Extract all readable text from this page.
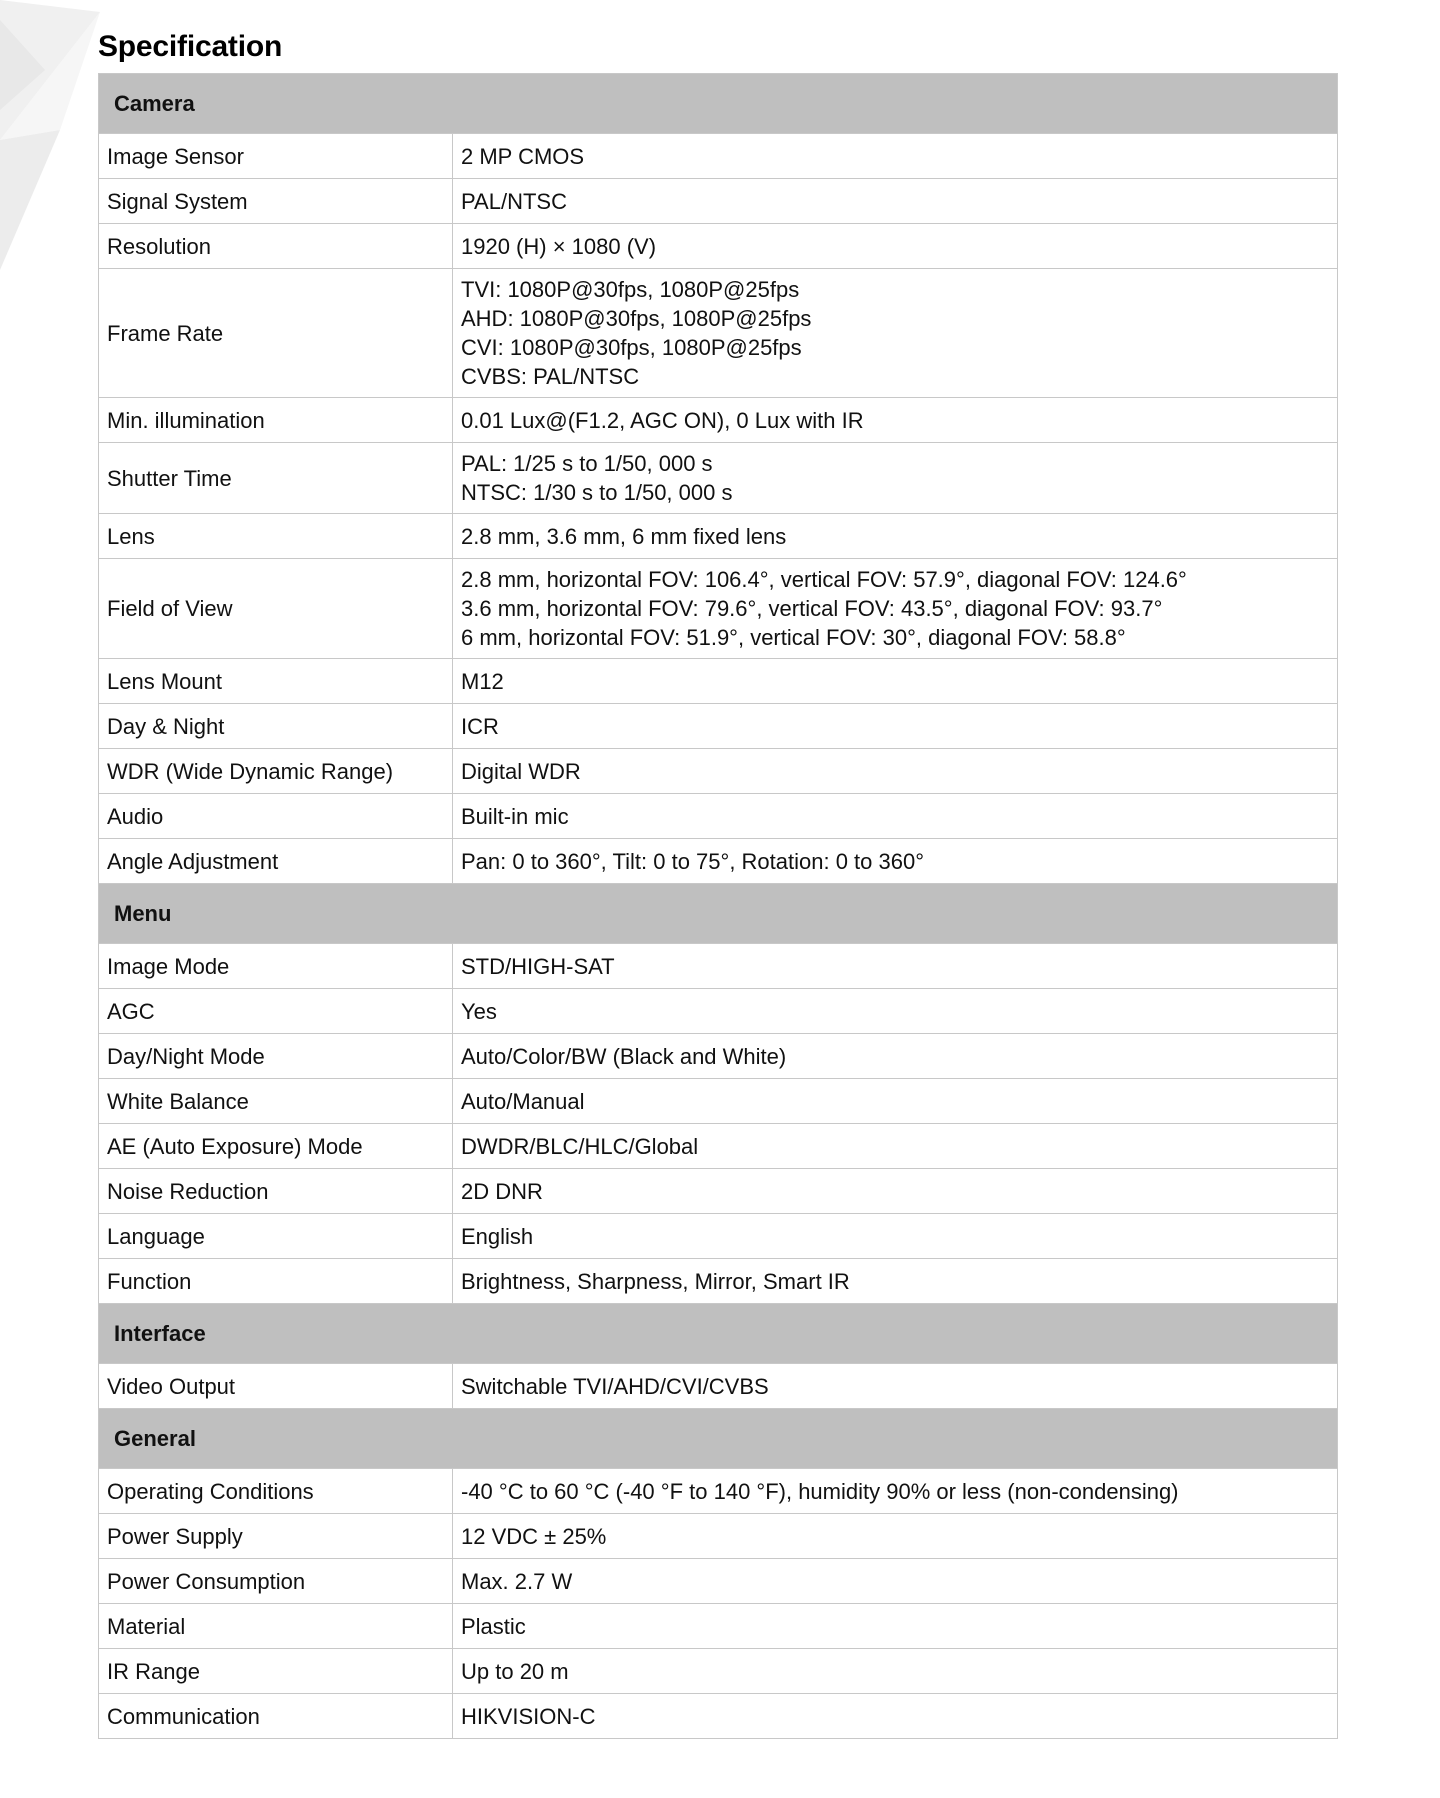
Specification
Camera	
Image Sensor	2 MP CMOS

Signal System	PAL/NTSC

Resolution	1920 (H) × 1080 (V)

Frame Rate	TVI: 1080P@30fps, 1080P@25fps
AHD: 1080P@30fps, 1080P@25fps
CVI: 1080P@30fps, 1080P@25fps
CVBS: PAL/NTSC

Min. illumination	0.01 Lux@(F1.2, AGC ON), 0 Lux with IR

Shutter Time	PAL: 1/25 s to 1/50, 000 s
NTSC: 1/30 s to 1/50, 000 s

Lens	2.8 mm, 3.6 mm, 6 mm fixed lens

Field of View	2.8 mm, horizontal FOV: 106.4°, vertical FOV: 57.9°, diagonal FOV: 124.6°
3.6 mm, horizontal FOV: 79.6°, vertical FOV: 43.5°, diagonal FOV: 93.7°
6 mm, horizontal FOV: 51.9°, vertical FOV: 30°, diagonal FOV: 58.8°

Lens Mount	M12

Day & Night	ICR

WDR (Wide Dynamic Range)	Digital WDR

Audio	Built-in mic

Angle Adjustment	Pan: 0 to 360°, Tilt: 0 to 75°, Rotation: 0 to 360°

Menu	
Image Mode	STD/HIGH-SAT

AGC	Yes

Day/Night Mode	Auto/Color/BW (Black and White)

White Balance	Auto/Manual

AE (Auto Exposure) Mode	DWDR/BLC/HLC/Global

Noise Reduction	2D DNR

Language	English

Function	Brightness, Sharpness, Mirror, Smart IR

Interface	
Video Output	Switchable TVI/AHD/CVI/CVBS

General	
Operating Conditions	-40 °C to 60 °C (-40 °F to 140 °F), humidity 90% or less (non-condensing)

Power Supply	12 VDC ± 25%

Power Consumption	Max. 2.7 W

Material	Plastic

IR Range	Up to 20 m

Communication	HIKVISION-C
